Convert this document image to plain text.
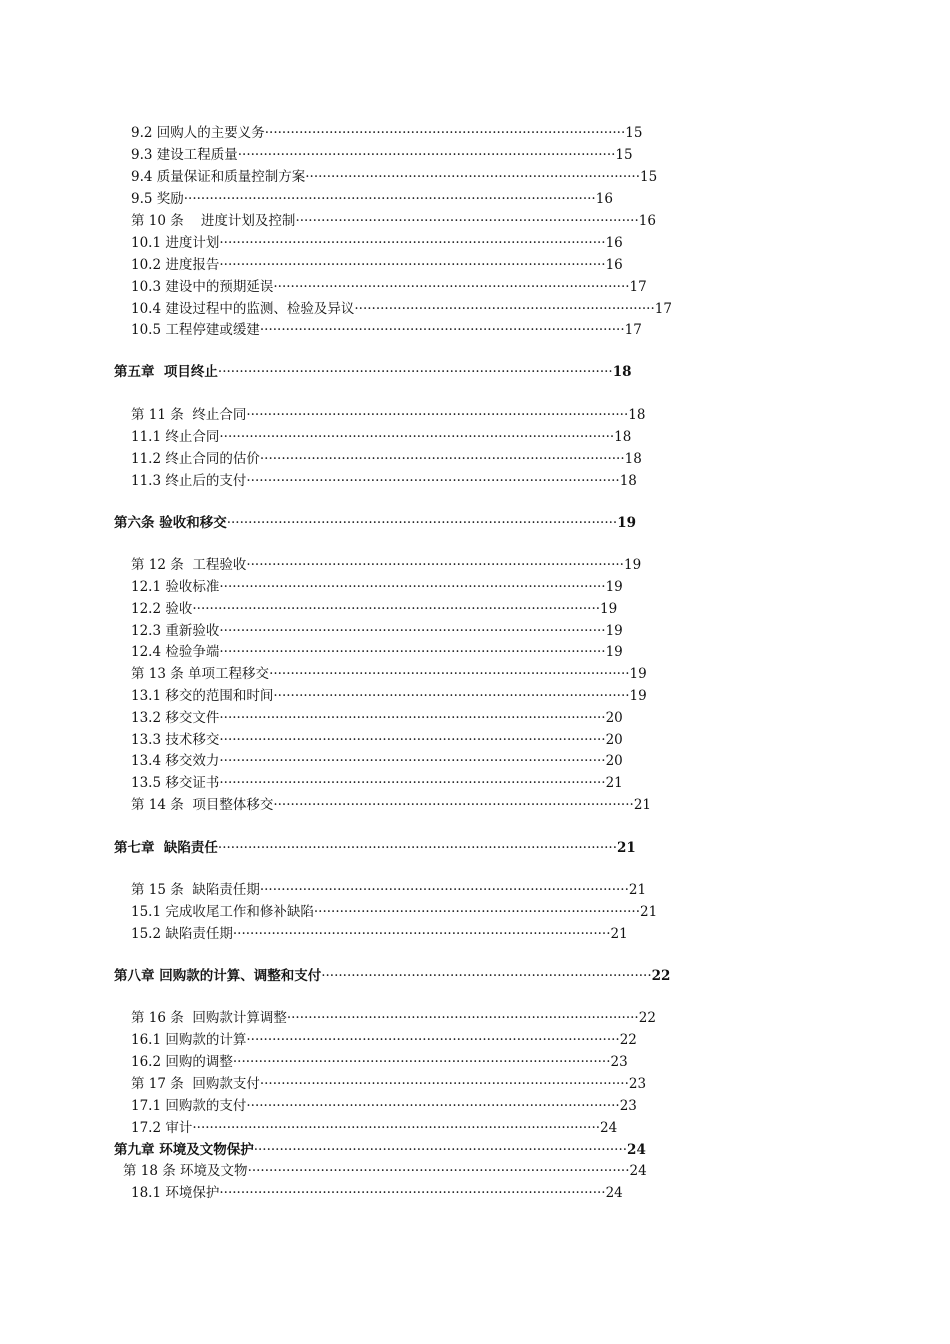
9.2 回购人的主要义务····················································································15
9.3 建设工程质量························································································15
9.4 质量保证和质量控制方案··············································································15
9.5 奖励································································································16
第 10 条    进度计划及控制················································································16
10.1 进度计划··························································································16
10.2 进度报告··························································································16
10.3 建设中的预期延误···················································································17
10.4 建设过程中的监测、检验及异议······································································17
10.5 工程停建或缓建·····················································································17
第五章  项目终止····························································································18
第 11 条  终止合同·························································································18
11.1 终止合同····························································································18
11.2 终止合同的估价·····················································································18
11.3 终止后的支付·······················································································18
第六条 验收和移交···························································································19
第 12 条  工程验收························································································19
12.1 验收标准··························································································19
12.2 验收·······························································································19
12.3 重新验收··························································································19
12.4 检验争端··························································································19
第 13 条 单项工程移交····················································································19
13.1 移交的范围和时间···················································································19
13.2 移交文件··························································································20
13.3 技术移交··························································································20
13.4 移交效力··························································································20
13.5 移交证书··························································································21
第 14 条  项目整体移交····················································································21
第七章  缺陷责任·····························································································21
第 15 条  缺陷责任期······················································································21
15.1 完成收尾工作和修补缺陷············································································21
15.2 缺陷责任期························································································21
第八章 回购款的计算、调整和支付·············································································22
第 16 条  回购款计算调整··················································································22
16.1 回购款的计算·······················································································22
16.2 回购的调整························································································23
第 17 条  回购款支付······················································································23
17.1 回购款的支付·······················································································23
17.2 审计·······························································································24
第九章 环境及文物保护·······················································································24
第 18 条 环境及文物·························································································24
18.1 环境保护··························································································24
